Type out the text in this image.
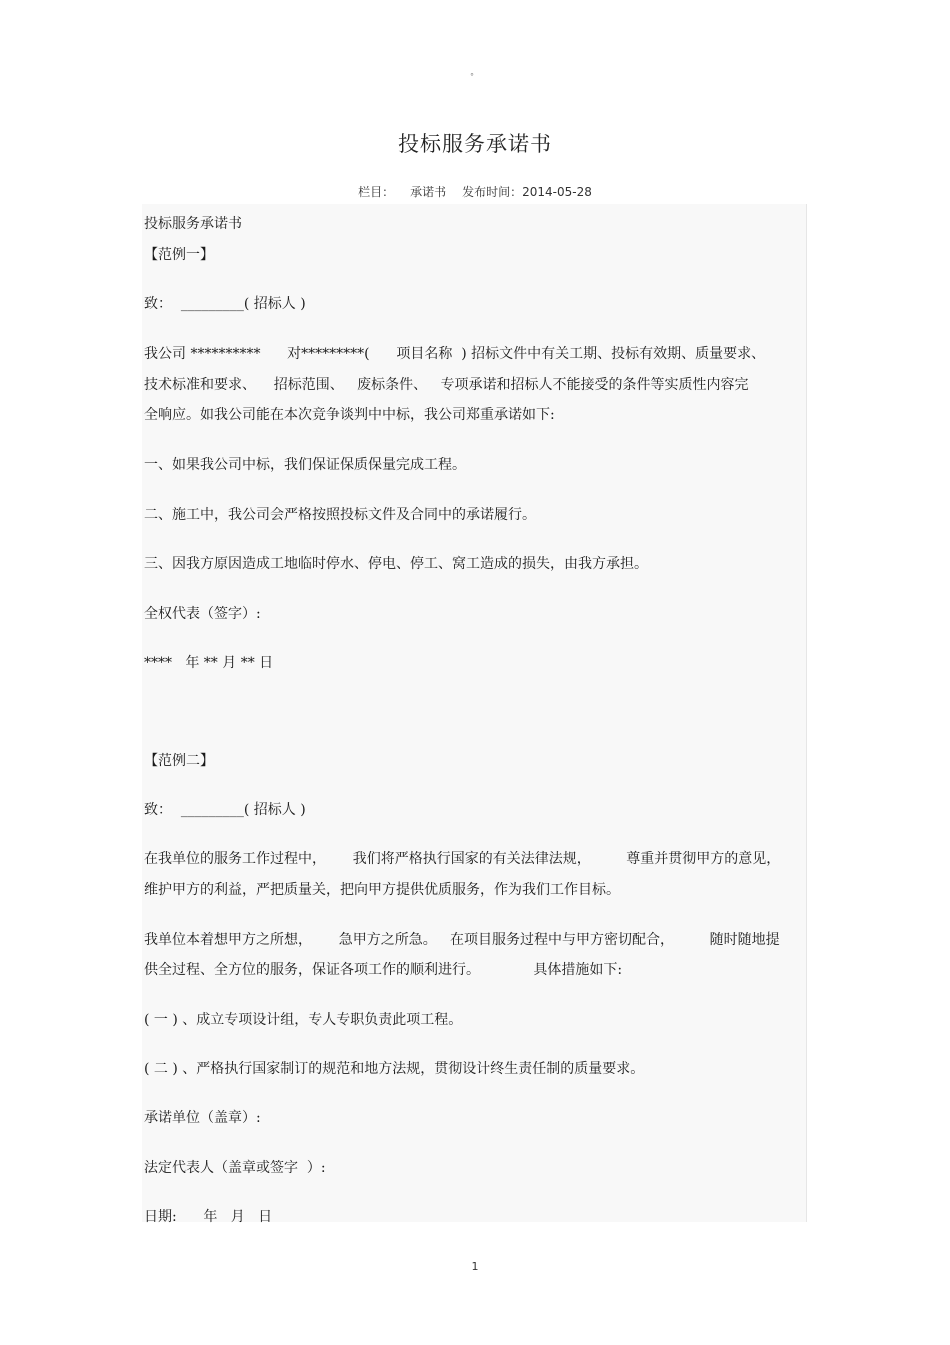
°
投标服务承诺书
栏目： 承诺书 发布时间：2014-05-28
投标服务承诺书
【范例一】
致：  _________( 招标人 )
我公司 **********      对*********(      项目名称  ) 招标文件中有关工期、投标有效期、质量要求、
技术标准和要求、    招标范围、   废标条件、   专项承诺和招标人不能接受的条件等实质性内容完
全响应。如我公司能在本次竞争谈判中中标，我公司郑重承诺如下:
一、如果我公司中标，我们保证保质保量完成工程。
二、施工中，我公司会严格按照投标文件及合同中的承诺履行。
三、因我方原因造成工地临时停水、停电、停工、窝工造成的损失，由我方承担。
全权代表（签字）:
****   年 ** 月 ** 日
【范例二】
致：  _________( 招标人 )
在我单位的服务工作过程中，      我们将严格执行国家的有关法律法规，        尊重并贯彻甲方的意见，
维护甲方的利益，严把质量关，把向甲方提供优质服务，作为我们工作目标。
我单位本着想甲方之所想，      急甲方之所急。   在项目服务过程中与甲方密切配合，        随时随地提
供全过程、全方位的服务，保证各项工作的顺利进行。            具体措施如下:
( 一 ) 、成立专项设计组，专人专职负责此项工程。
( 二 ) 、严格执行国家制订的规范和地方法规，贯彻设计终生责任制的质量要求。
承诺单位（盖章）:
法定代表人（盖章或签字  ）:
日期:      年   月   日
1
